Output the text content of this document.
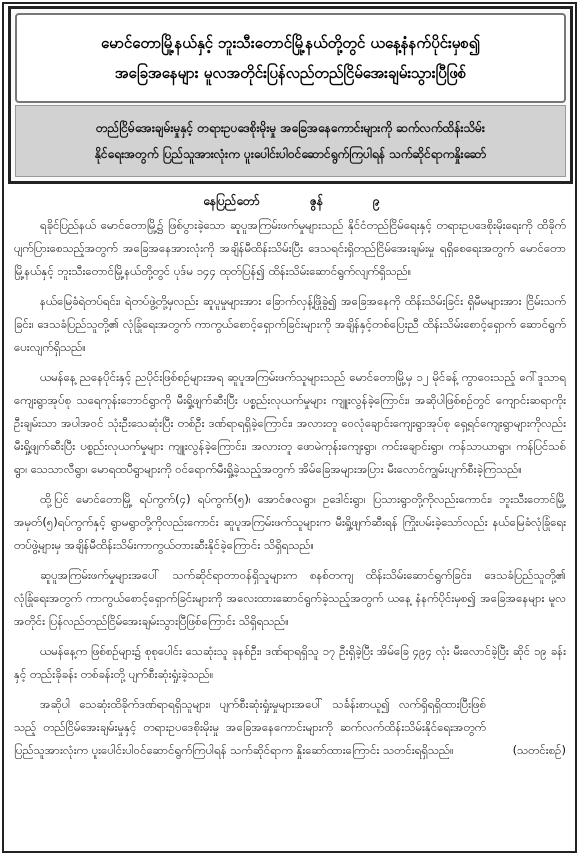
မောင်တောမြို့နယ်နှင့် ဘူးသီးတောင်မြို့နယ်တို့တွင် ယနေ့နံနက်ပိုင်းမှစ၍
အခြေအနေများ မူလအတိုင်းပြန်လည်တည်ငြိမ်အေးချမ်းသွားပြီဖြစ်
တည်ငြိမ်အေးချမ်းမှုနှင့် တရားဥပဒေစိုးမိုးမှု အခြေအနေကောင်းများကို ဆက်လက်ထိန်းသိမ်း
နိုင်ရေးအတွက် ပြည်သူအားလုံးက ပူးပေါင်းပါဝင်ဆောင်ရွက်ကြပါရန် သက်ဆိုင်ရာကနှိုးဆော်
နေပြည်တော်	ဇွန်	၉

ရခိုင်ပြည်နယ် မောင်တောမြို့၌ ဖြစ်ပွားခဲ့သော ဆူပူအကြမ်းဖက်မှုများသည် နိုင်ငံတည်ငြိမ်ရေးနှင့် တရားဥပဒေစိုးမိုးရေးကို ထိခိုက်ပျက်ပြားစေသည့်အတွက် အခြေအနေအားလုံးကို အချိန်မီထိန်းသိမ်းပြီး ဒေသရင်းရှိတည်ငြိမ်အေးချမ်းမှု ရရှိစေရေးအတွက် မောင်တောမြို့နယ်နှင့် ဘူးသီးတောင်မြို့နယ်တို့တွင် ပုဒ်မ ၁၄၄ ထုတ်ပြန်၍ ထိန်းသိမ်းဆောင်ရွက်လျက်ရှိသည်။

နယ်မြေခံရဲတပ်ရင်း၊ ရဲတပ်ဖွဲ့တို့မှလည်း ဆူပူမှုများအား ခြောက်လှန့်ဖြိုခွဲ၍ အခြေအနေကို ထိန်းသိမ်းခြင်း ရှိမီမများအား ငြိမ်းသက်ခြင်း၊ ဒေသခံပြည်သူတို့၏ လုံခြုံရေးအတွက် ကာကွယ်စောင့်ရှောက်ခြင်းများကို အချိန်နှင့်တစ်ပြေးညီ ထိန်းသိမ်းစောင့်ရှောက် ဆောင်ရွက်ပေးလျက်ရှိသည်။

ယမန်နေ့ ညနေပိုင်းနှင့် ညပိုင်းဖြစ်စဉ်များအရ ဆူပူအကြမ်းဖက်သူများသည် မောင်တောမြို့မှ ၁၂ မိုင်ခန့် ကွာဝေးသည့် ဂေါ်ဒူသာရကျေးရွာအုပ်စု သရေကုန်းဘောင်ရွာကို မီးရှို့ဖျက်ဆီးပြီး ပစ္စည်းလုယက်မှုများ ကျူးလွန်ခဲ့ကြောင်း၊ အဆိုပါဖြစ်စဉ်တွင် ကျောင်းဆရာကိုး ဦးချမ်းသာ အပါအဝင် သုံးဦးသေဆုံးပြီး တစ်ဦး ဒဏ်ရာရရှိခဲ့ကြောင်း၊ အလားတူ ဝေလုံချောင်းကျေးရွာအုပ်စု ရှေ့ရင်ကျေးရွာများကိုလည်း မီးရှို့ဖျက်ဆီးပြီး ပစ္စည်းလုယက်မှုများ ကျူးလွန်ခဲ့ကြောင်း၊ အလားတူ ဖောမဲကုန်းကျေးရွာ၊ ကင်းချောင်းရွာ၊ ကန်သာယာရွာ၊ ကန်ပြင်သစ်ရွာ၊ သေသာလီရွာ၊ မောရထပီရွာများကို ဝင်ရောက်မီးရှို့ခဲ့သည့်အတွက် အိမ်ခြေအများအပြား မီးလောင်ကျွမ်းပျက်စီးခဲ့ကြသည်။

ထို့ပြင် မောင်တောမြို့ ရပ်ကွက်(၄) ရပ်ကွက်(၅)၊ အောင်ဇလရွာ၊ ဥဒေါင်းရွာ၊ ပြသားရွာတို့ကိုလည်းကောင်း၊ ဘူးသီးတောင်မြို့ အမှတ်(၅)ရပ်ကွက်နှင့် ရွာမရွာတို့ကိုလည်းကောင်း ဆူပူအကြမ်းဖက်သူများက မီးရှို့ဖျက်ဆီးရန် ကြိုးပမ်းခဲ့သော်လည်း နယ်မြေခံလုံခြုံရေးတပ်ဖွဲ့များမှ အချိန်မီထိန်းသိမ်းကာကွယ်တားဆီးနိုင်ခဲ့ကြောင်း သိရှိရသည်။

ဆူပူအကြမ်းဖက်မှုများအပေါ် သက်ဆိုင်ရာတာဝန်ရှိသူများက စနစ်တကျ ထိန်းသိမ်းဆောင်ရွက်ခြင်း၊ ဒေသခံပြည်သူတို့၏ လုံခြုံရေးအတွက် ကာကွယ်စောင့်ရှောက်ခြင်းများကို အလေးထားဆောင်ရွက်ခဲ့သည့်အတွက် ယနေ့ နံနက်ပိုင်းမှစ၍ အခြေအနေများ မူလအတိုင်း ပြန်လည်တည်ငြိမ်အေးချမ်းသွားပြီဖြစ်ကြောင်း သိရှိရသည်။

ယမန်နေ့က ဖြစ်စဉ်များ၌ စုစုပေါင်း သေဆုံးသူ ခုနစ်ဦး၊ ဒဏ်ရာရရှိသူ ၁၇ ဦးရှိခဲ့ပြီး အိမ်ခြေ ၄၉၄ လုံး မီးလောင်ခဲ့ပြီး ဆိုင် ၁၉ ခန်းနှင့် တည်းခိုခန်း တစ်ခန်းတို့ ပျက်စီးဆုံးရှုံးခဲ့သည်။

အဆိုပါ သေဆုံးထိခိုက်ဒဏ်ရာရရှိသူများ၊ ပျက်စီးဆုံးရှုံးမှုများအပေါ် သင်္ခန်းစာယူ၍ လက်ရှိရရှိထားပြီးဖြစ်သည့် တည်ငြိမ်အေးချမ်းမှုနှင့် တရားဥပဒေစိုးမိုးမှု အခြေအနေကောင်းများကို ဆက်လက်ထိန်းသိမ်းနိုင်ရေးအတွက် ပြည်သူအားလုံးက ပူးပေါင်းပါဝင်ဆောင်ရွက်ကြပါရန် သက်ဆိုင်ရာက နှိုးဆော်ထားကြောင်း သတင်းရရှိသည်။	(သတင်းစဉ်)
